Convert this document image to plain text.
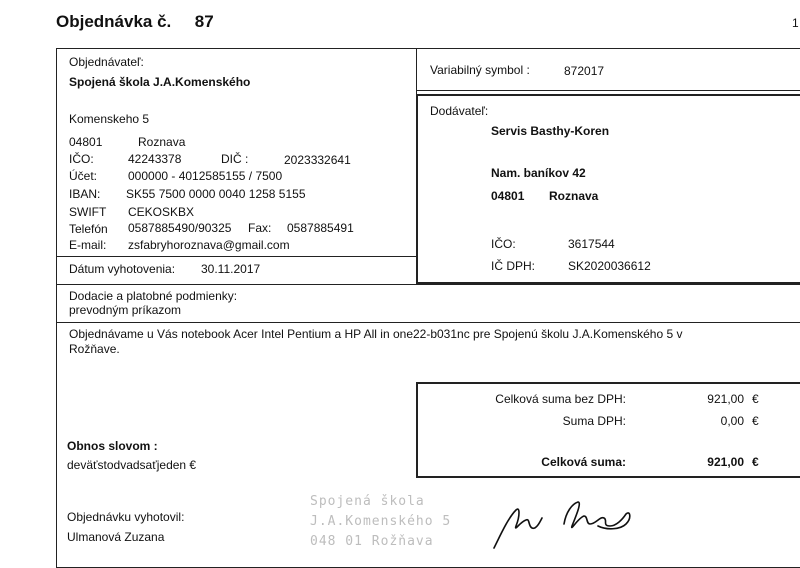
Objednávka č. 87	1
Objednávateľ:
Spojená škola J.A.Komenského
Komenskeho 5
04801	Roznava
IČO:	42243378	DIČ :	2023332641
Účet:	000000 - 4012585155 / 7500
IBAN: SK55 7500 0000 0040 1258 5155
SWIFT CEKOSKBX
Telefón 0587885490/90325 Fax: 0587885491
E-mail: zsfabryhoroznava@gmail.com
Dátum vyhotovenia: 30.11.2017
Variabilný symbol :	872017
Dodávateľ:
Servis Basthy-Koren
Nam. baníkov 42
04801 Roznava
IČO:	3617544
IČ DPH:	SK2020036612
Dodacie a platobné podmienky:
prevodným príkazom
Objednávame u Vás notebook Acer Intel Pentium a HP All in one22-b031nc pre Spojenú školu J.A.Komenského 5 v
Rožňave.
Celková suma bez DPH:	921,00 €
Suma DPH:	0,00 €
Celková suma:	921,00 €
Obnos slovom :
deväťstodvadsaťjeden €
Objednávku vyhotovil:
Ulmanová Zuzana
Spojená škola
J.A.Komenského 5
048 01 Rožňava
